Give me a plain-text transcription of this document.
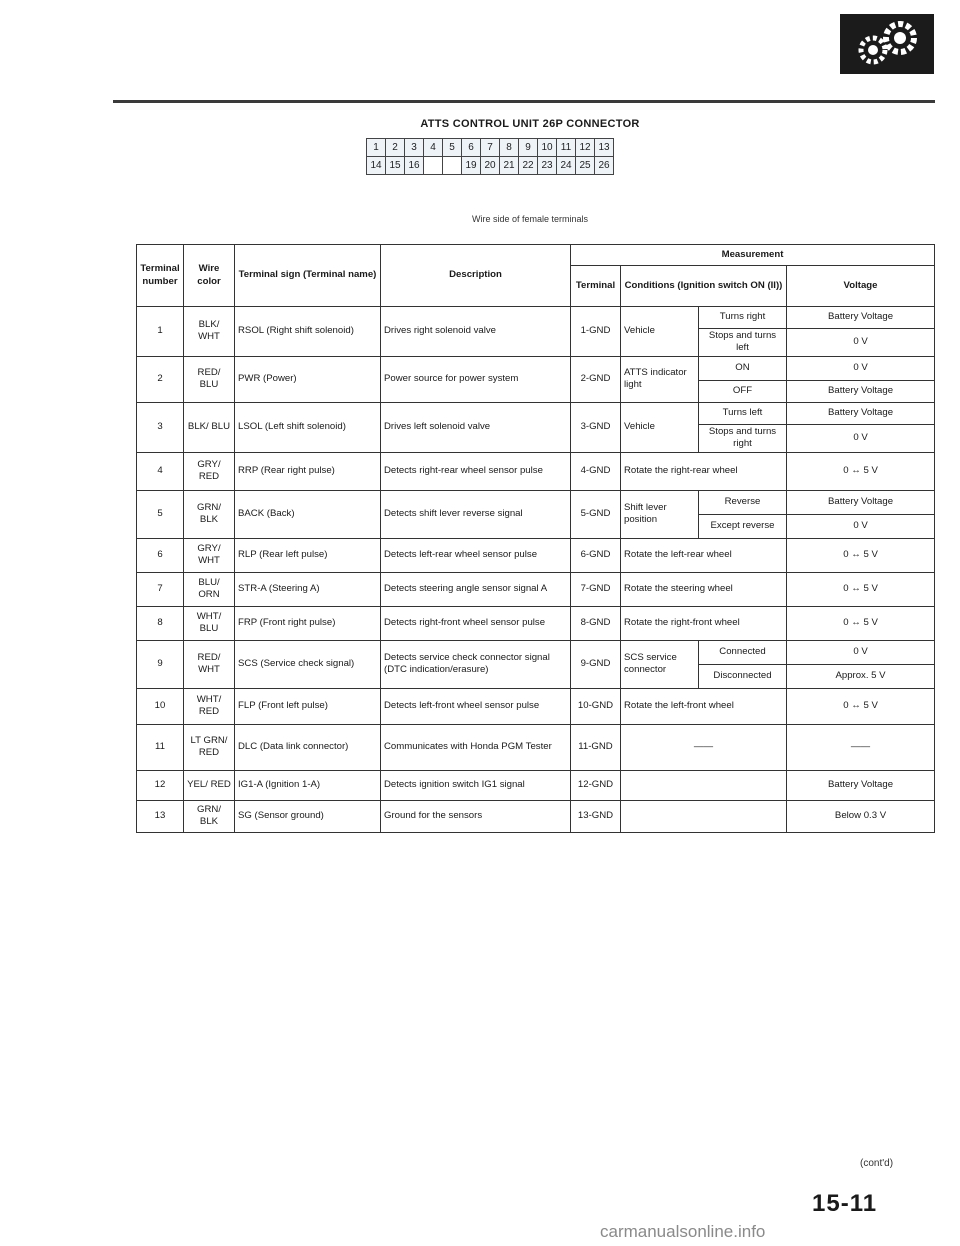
ATTS CONTROL UNIT 26P CONNECTOR
1	2	3	4	5	6	7	8	9	10	11	12	13
14	15	16			19	20	21	22	23	24	25	26
Wire side of female terminals
Terminal number	Wire color	Terminal sign (Terminal name)	Description	Measurement			
				Terminal	Conditions (Ignition switch ON (II))		Voltage
1	BLK/ WHT	RSOL (Right shift solenoid)	Drives right solenoid valve	1-GND	Vehicle	Turns right	Battery Voltage
						Stops and turns left	0 V
2	RED/ BLU	PWR (Power)	Power source for power system	2-GND	ATTS indicator light	ON	0 V
						OFF	Battery Voltage
3	BLK/ BLU	LSOL (Left shift solenoid)	Drives left solenoid valve	3-GND	Vehicle	Turns left	Battery Voltage
						Stops and turns right	0 V
4	GRY/ RED	RRP (Rear right pulse)	Detects right-rear wheel sensor pulse	4-GND	Rotate the right-rear wheel		0 ↔ 5 V
5	GRN/ BLK	BACK (Back)	Detects shift lever reverse signal	5-GND	Shift lever position	Reverse	Battery Voltage
						Except reverse	0 V
6	GRY/ WHT	RLP (Rear left pulse)	Detects left-rear wheel sensor pulse	6-GND	Rotate the left-rear wheel		0 ↔ 5 V
7	BLU/ ORN	STR-A (Steering A)	Detects steering angle sensor signal A	7-GND	Rotate the steering wheel		0 ↔ 5 V
8	WHT/ BLU	FRP (Front right pulse)	Detects right-front wheel sensor pulse	8-GND	Rotate the right-front wheel		0 ↔ 5 V
9	RED/ WHT	SCS (Service check signal)	Detects service check connector signal (DTC indication/erasure)	9-GND	SCS service connector	Connected	0 V
						Disconnected	Approx. 5 V
10	WHT/ RED	FLP (Front left pulse)	Detects left-front wheel sensor pulse	10-GND	Rotate the left-front wheel		0 ↔ 5 V
11	LT GRN/ RED	DLC (Data link connector)	Communicates with Honda PGM Tester	11-GND	——		——
12	YEL/ RED	IG1-A (Ignition 1-A)	Detects ignition switch IG1 signal	12-GND			Battery Voltage
13	GRN/ BLK	SG (Sensor ground)	Ground for the sensors	13-GND			Below 0.3 V
(cont'd)
15-11
carmanualsonline.info
